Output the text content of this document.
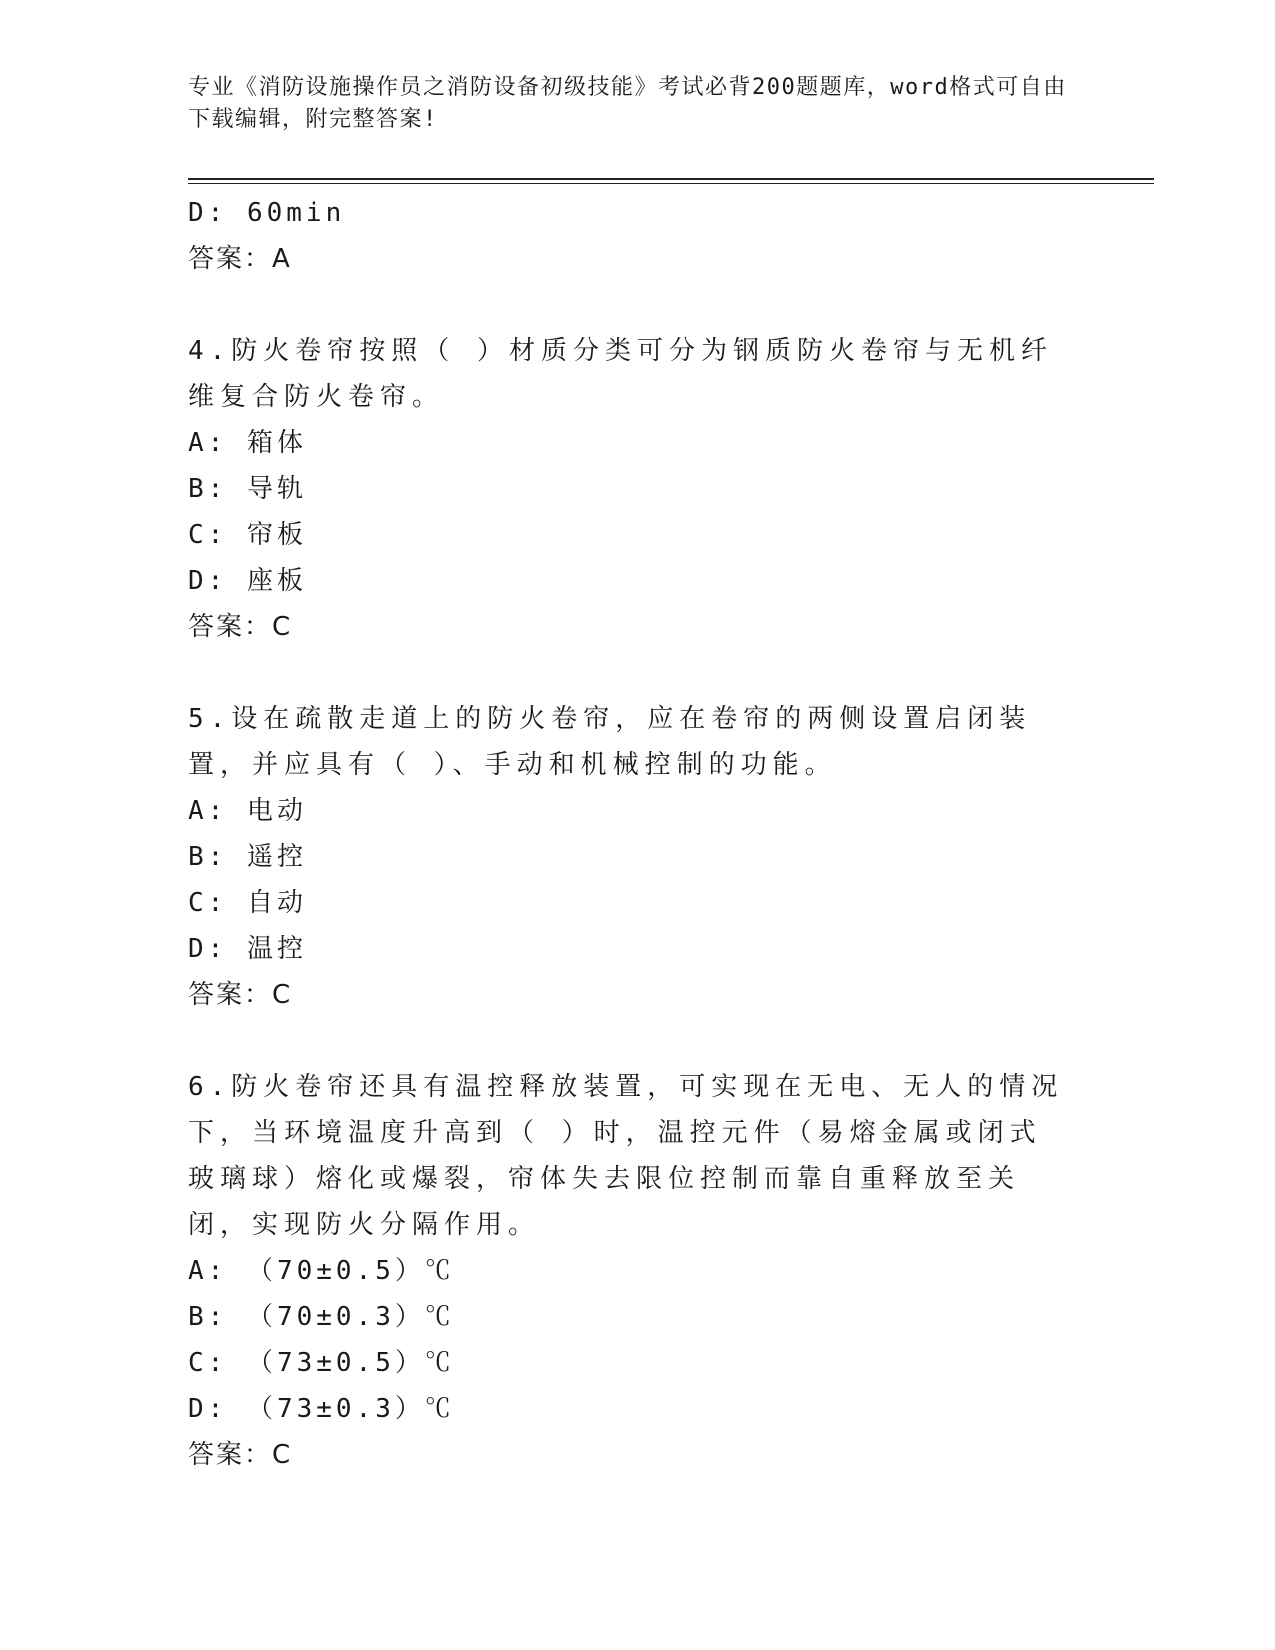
专业《消防设施操作员之消防设备初级技能》考试必背200题题库，word格式可自由下载编辑，附完整答案!
D: 60min
答案：A
4.防火卷帘按照（ ）材质分类可分为钢质防火卷帘与无机纤维复合防火卷帘。
A: 箱体
B: 导轨
C: 帘板
D: 座板
答案：C
5.设在疏散走道上的防火卷帘，应在卷帘的两侧设置启闭装置，并应具有（ ）、手动和机械控制的功能。
A: 电动
B: 遥控
C: 自动
D: 温控
答案：C
6.防火卷帘还具有温控释放装置，可实现在无电、无人的情况下，当环境温度升高到（ ）时，温控元件（易熔金属或闭式玻璃球）熔化或爆裂，帘体失去限位控制而靠自重释放至关闭，实现防火分隔作用。
A: （70±0.5）℃
B: （70±0.3）℃
C: （73±0.5）℃
D: （73±0.3）℃
答案：C
